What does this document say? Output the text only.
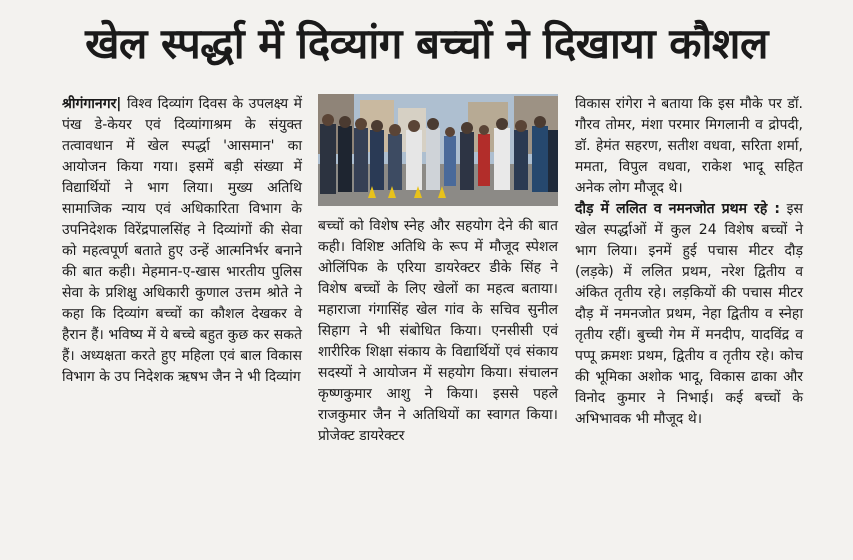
खेल स्पर्द्धा में दिव्यांग बच्चों ने दिखाया कौशल

श्रीगंगानगर| विश्व दिव्यांग दिवस के उपलक्ष्य में पंख डे-केयर एवं दिव्यांगाश्रम के संयुक्त तत्वावधान में खेल स्पर्द्धा 'आसमान' का आयोजन किया गया। इसमें बड़ी संख्या में विद्यार्थियों ने भाग लिया। मुख्य अतिथि सामाजिक न्याय एवं अधिकारिता विभाग के उपनिदेशक विरेंद्रपालसिंह ने दिव्यांगों की सेवा को महत्वपूर्ण बताते हुए उन्हें आत्मनिर्भर बनाने की बात कही। मेहमान-ए-खास भारतीय पुलिस सेवा के प्रशिक्षु अधिकारी कुणाल उत्तम श्रोते ने कहा कि दिव्यांग बच्चों का कौशल देखकर वे हैरान हैं। भविष्य में ये बच्चे बहुत कुछ कर सकते हैं। अध्यक्षता करते हुए महिला एवं बाल विकास विभाग के उप निदेशक ऋषभ जैन ने भी दिव्यांग

बच्चों को विशेष स्नेह और सहयोग देने की बात कही। विशिष्ट अतिथि के रूप में मौजूद स्पेशल ओलिंपिक के एरिया डायरेक्टर डीके सिंह ने विशेष बच्चों के लिए खेलों का महत्व बताया। महाराजा गंगासिंह खेल गांव के सचिव सुनील सिहाग ने भी संबोधित किया। एनसीसी एवं शारीरिक शिक्षा संकाय के विद्यार्थियों एवं संकाय सदस्यों ने आयोजन में सहयोग किया। संचालन कृष्णकुमार आशु ने किया। इससे पहले राजकुमार जैन ने अतिथियों का स्वागत किया। प्रोजेक्ट डायरेक्टर

विकास रांगेरा ने बताया कि इस मौके पर डॉ. गौरव तोमर, मंशा परमार मिगलानी व द्रोपदी, डॉ. हेमंत सहरण, सतीश वधवा, सरिता शर्मा, ममता, विपुल वधवा, राकेश भादू सहित अनेक लोग मौजूद थे।

दौड़ में ललित व नमनजोत प्रथम रहे : इस खेल स्पर्द्धाओं में कुल 24 विशेष बच्चों ने भाग लिया। इनमें हुई पचास मीटर दौड़ (लड़के) में ललित प्रथम, नरेश द्वितीय व अंकित तृतीय रहे। लड़कियों की पचास मीटर दौड़ में नमनजोत प्रथम, नेहा द्वितीय व स्नेहा तृतीय रहीं। बुच्ची गेम में मनदीप, यादविंद्र व पप्पू क्रमशः प्रथम, द्वितीय व तृतीय रहे। कोच की भूमिका अशोक भादू, विकास ढाका और विनोद कुमार ने निभाई। कई बच्चों के अभिभावक भी मौजूद थे।
